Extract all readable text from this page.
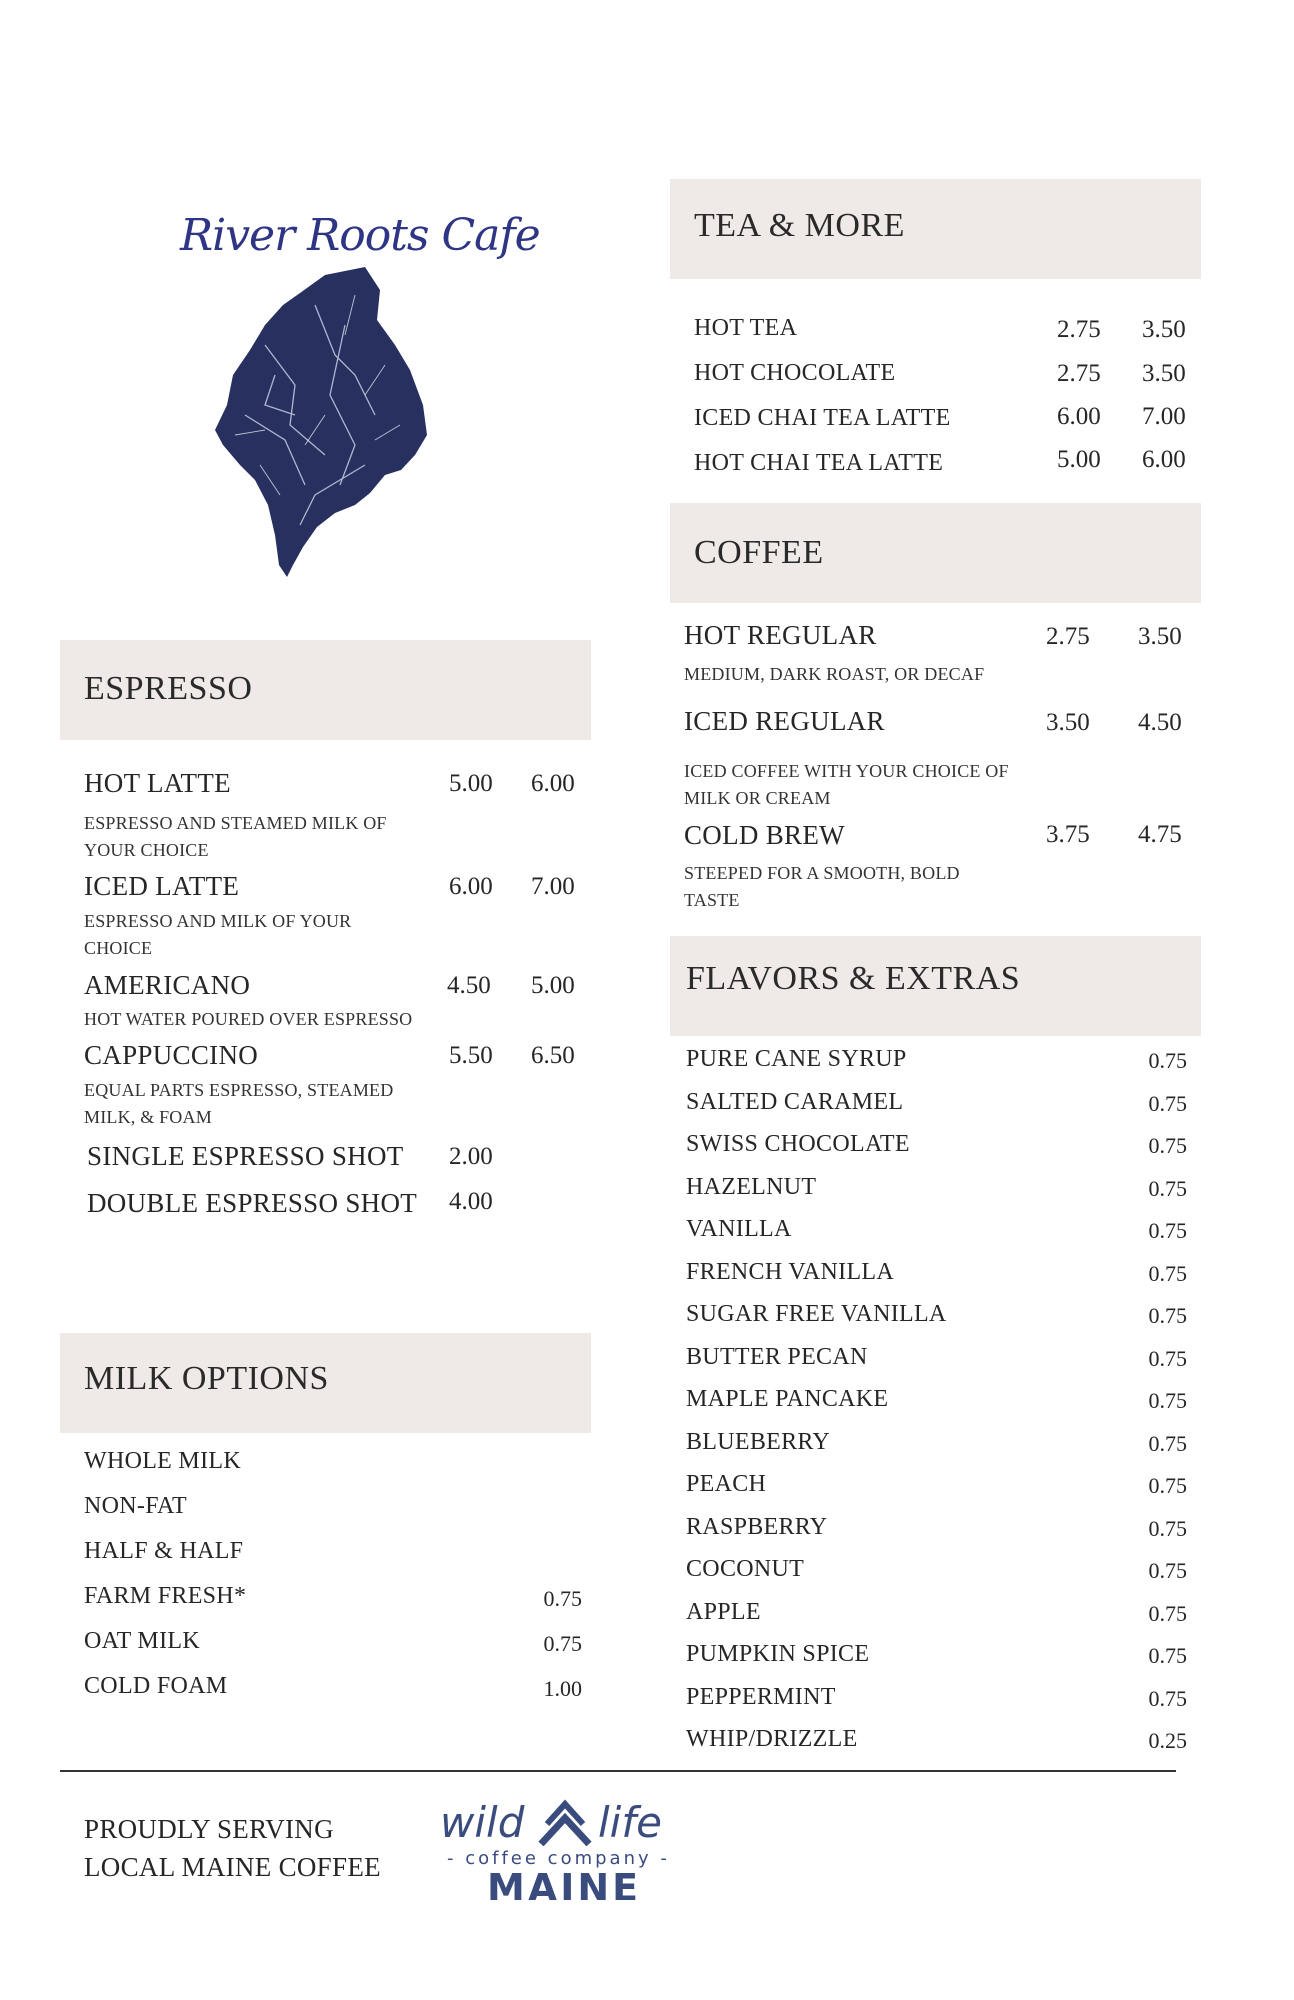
River Roots Cafe
ESPRESSO
HOT LATTE	5.00 6.00
ESPRESSO AND STEAMED MILK OF YOUR CHOICE
ICED LATTE	6.00 7.00
ESPRESSO AND MILK OF YOUR CHOICE
AMERICANO	4.50 5.00
HOT WATER POURED OVER ESPRESSO
CAPPUCCINO	5.50 6.50
EQUAL PARTS ESPRESSO, STEAMED MILK, & FOAM
SINGLE ESPRESSO SHOT 2.00
DOUBLE ESPRESSO SHOT 4.00
MILK OPTIONS
WHOLE MILK
NON-FAT
HALF & HALF
FARM FRESH*	0.75
OAT MILK	0.75
COLD FOAM	1.00
TEA & MORE
HOT TEA	2.75 3.50
HOT CHOCOLATE	2.75 3.50
ICED CHAI TEA LATTE	6.00 7.00
HOT CHAI TEA LATTE	5.00 6.00
COFFEE
HOT REGULAR	2.75 3.50
MEDIUM, DARK ROAST, OR DECAF
ICED REGULAR	3.50 4.50
ICED COFFEE WITH YOUR CHOICE OF MILK OR CREAM
COLD BREW	3.75 4.75
STEEPED FOR A SMOOTH, BOLD TASTE
FLAVORS & EXTRAS
PURE CANE SYRUP	0.75
SALTED CARAMEL	0.75
SWISS CHOCOLATE	0.75
HAZELNUT	0.75
VANILLA	0.75
FRENCH VANILLA	0.75
SUGAR FREE VANILLA	0.75
BUTTER PECAN	0.75
MAPLE PANCAKE	0.75
BLUEBERRY	0.75
PEACH	0.75
RASPBERRY	0.75
COCONUT	0.75
APPLE	0.75
PUMPKIN SPICE	0.75
PEPPERMINT	0.75
WHIP/DRIZZLE	0.25
PROUDLY SERVING
LOCAL MAINE COFFEE
wild life
- coffee company -
MAINE
